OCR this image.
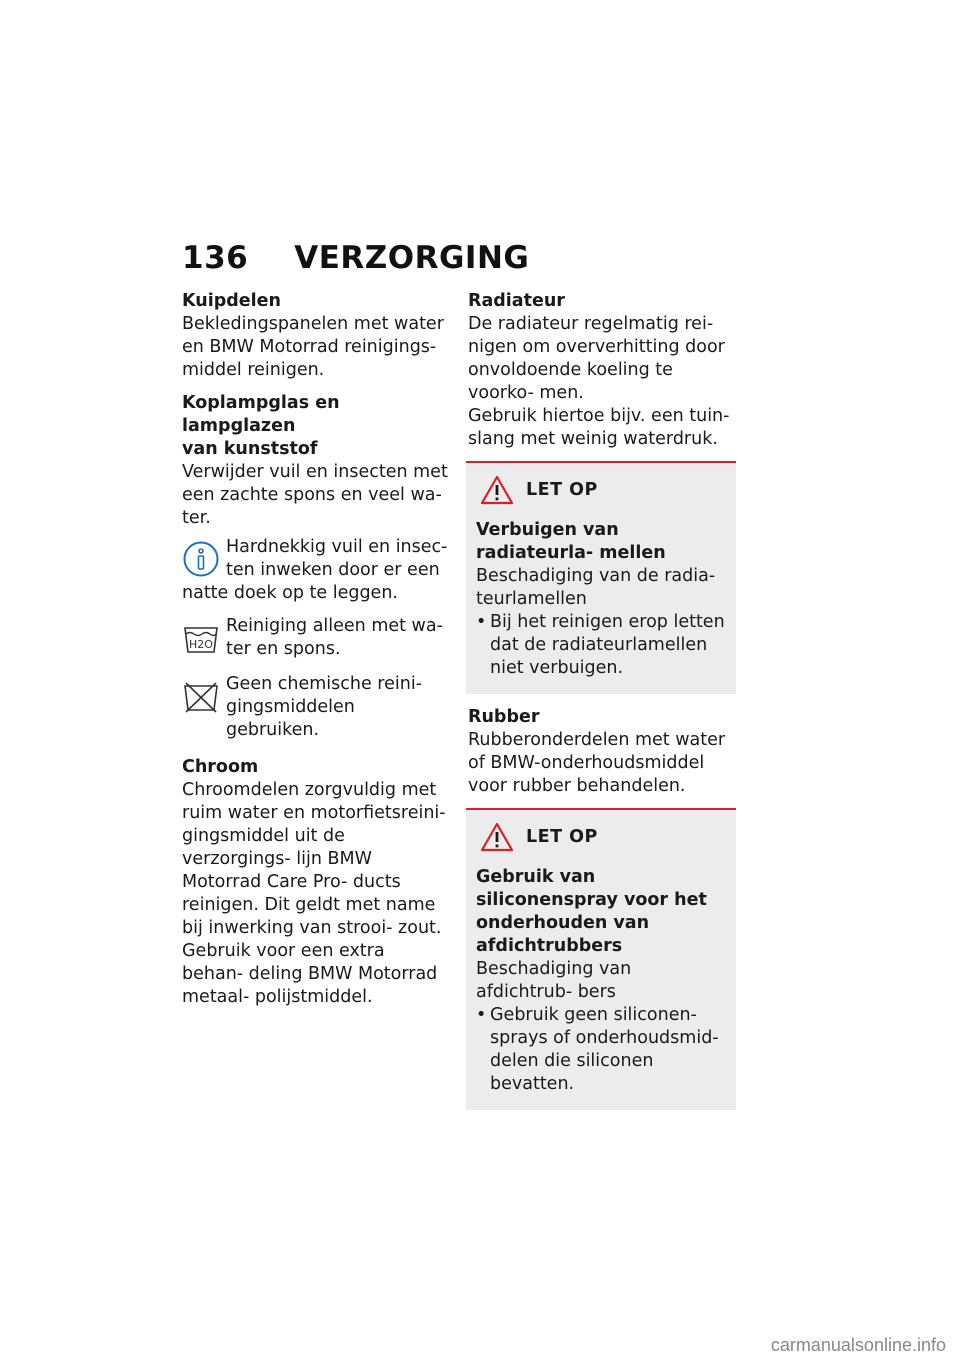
136 VERZORGING

Kuipdelen

Bekledingspanelen met water en BMW Motorrad reinigings- middel reinigen.

Koplampglas en lampglazen

van kunststof

Verwijder vuil en insecten met een zachte spons en veel wa- ter.

Hardnekkig vuil en insec-
ten inweken door er een
natte doek op te leggen.
H2O
Reiniging alleen met wa- ter en spons.
Geen chemische reini- gingsmiddelen gebruiken.

Chroom

Chroomdelen zorgvuldig met ruim water en motorfietsreini- gingsmiddel uit de verzorgings- lijn BMW Motorrad Care Pro- ducts reinigen. Dit geldt met name bij inwerking van strooi- zout.

Gebruik voor een extra behan- deling BMW Motorrad metaal- polijstmiddel.

Radiateur

De radiateur regelmatig rei- nigen om oververhitting door onvoldoende koeling te voorko- men.

Gebruik hiertoe bijv. een tuin- slang met weinig waterdruk.

LET OP

Verbuigen van radiateurla- mellen

Beschadiging van de radia- teurlamellen

• Bij het reinigen erop letten dat de radiateurlamellen niet verbuigen.

Rubber

Rubberonderdelen met water of BMW-onderhoudsmiddel voor rubber behandelen.

LET OP

Gebruik van siliconenspray voor het onderhouden van afdichtrubbers

Beschadiging van afdichtrub- bers

• Gebruik geen siliconen- sprays of onderhoudsmid- delen die siliconen bevatten.
carmanualsonline.info
